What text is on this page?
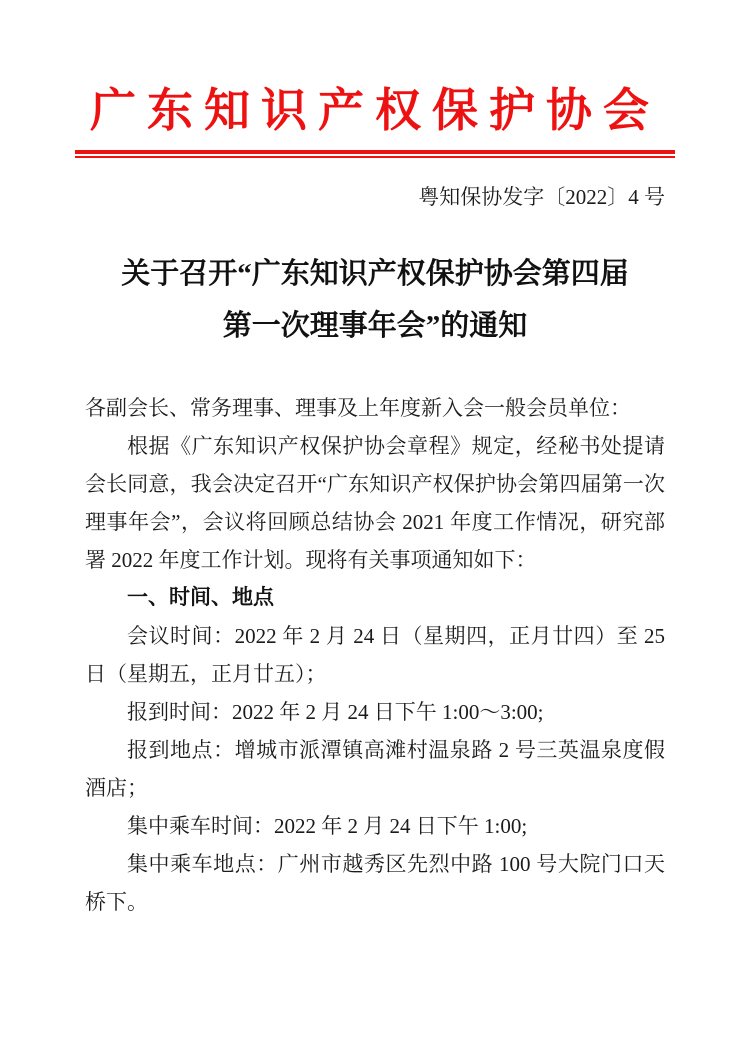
广东知识产权保护协会
粤知保协发字〔2022〕4 号
关于召开“广东知识产权保护协会第四届
第一次理事年会”的通知

各副会长、常务理事、理事及上年度新入会一般会员单位：

根据《广东知识产权保护协会章程》规定，经秘书处提请会长同意，我会决定召开“广东知识产权保护协会第四届第一次理事年会”，会议将回顾总结协会 2021 年度工作情况，研究部署 2022 年度工作计划。现将有关事项通知如下：

一、时间、地点

会议时间：2022 年 2 月 24 日（星期四，正月廿四）至 25 日（星期五，正月廿五）；

报到时间：2022 年 2 月 24 日下午 1:00～3:00;

报到地点：增城市派潭镇高滩村温泉路 2 号三英温泉度假酒店；

集中乘车时间：2022 年 2 月 24 日下午 1:00;

集中乘车地点：广州市越秀区先烈中路 100 号大院门口天桥下。
